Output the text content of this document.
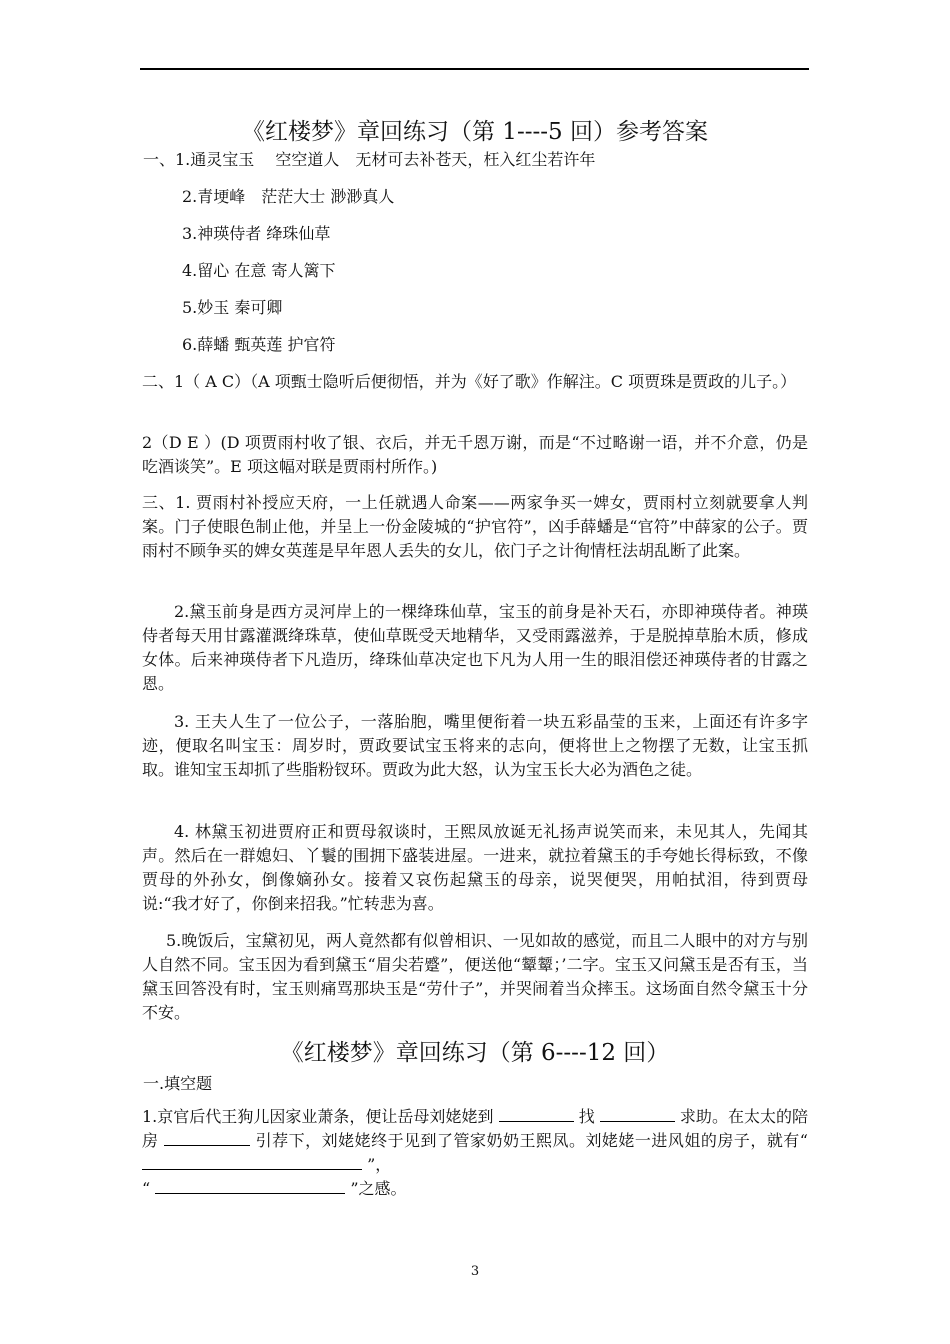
《红楼梦》章回练习（第 1----5 回）参考答案
一、1.通灵宝玉　 空空道人　无材可去补苍天，枉入红尘若许年
2.青埂峰　茫茫大士 渺渺真人
3.神瑛侍者 绛珠仙草
4.留心 在意 寄人篱下
5.妙玉 秦可卿
6.薛蟠 甄英莲 护官符
二、1（ A C）（A 项甄士隐听后便彻悟，并为《好了歌》作解注。C 项贾珠是贾政的儿子。）
2（D E ）(D 项贾雨村收了银、衣后，并无千恩万谢，而是“不过略谢一语，并不介意，仍是吃酒谈笑”。E 项这幅对联是贾雨村所作。)
三、1. 贾雨村补授应天府，一上任就遇人命案——两家争买一婢女，贾雨村立刻就要拿人判案。门子使眼色制止他，并呈上一份金陵城的“护官符”，凶手薛蟠是“官符”中薛家的公子。贾雨村不顾争买的婢女英莲是早年恩人丢失的女儿，依门子之计徇情枉法胡乱断了此案。
2.黛玉前身是西方灵河岸上的一棵绛珠仙草，宝玉的前身是补天石，亦即神瑛侍者。神瑛侍者每天用甘露灌溉绛珠草，使仙草既受天地精华，又受雨露滋养，于是脱掉草胎木质，修成女体。后来神瑛侍者下凡造历，绛珠仙草决定也下凡为人用一生的眼泪偿还神瑛侍者的甘露之恩。
3. 王夫人生了一位公子，一落胎胞，嘴里便衔着一块五彩晶莹的玉来，上面还有许多字迹，便取名叫宝玉：周岁时，贾政要试宝玉将来的志向，便将世上之物摆了无数，让宝玉抓取。谁知宝玉却抓了些脂粉钗环。贾政为此大怒，认为宝玉长大必为酒色之徒。
4. 林黛玉初进贾府正和贾母叙谈时，王熙凤放诞无礼扬声说笑而来，未见其人，先闻其声。然后在一群媳妇、丫鬟的围拥下盛装进屋。一进来，就拉着黛玉的手夸她长得标致，不像贾母的外孙女，倒像嫡孙女。接着又哀伤起黛玉的母亲，说哭便哭，用帕拭泪，待到贾母说:“我才好了，你倒来招我。”忙转悲为喜。
5.晚饭后，宝黛初见，两人竟然都有似曾相识、一见如故的感觉，而且二人眼中的对方与别人自然不同。宝玉因为看到黛玉“眉尖若蹙”，便送他“颦颦；’二字。宝玉又问黛玉是否有玉，当黛玉回答没有时，宝玉则痛骂那块玉是“劳什子”，并哭闹着当众摔玉。这场面自然令黛玉十分不安。
《红楼梦》章回练习（第 6----12 回）
一.填空题
1.京官后代王狗儿因家业萧条，便让岳母刘姥姥到	找	求助。在太太的陪房	引荐下，刘姥姥终于见到了管家奶奶王熙凤。刘姥姥一进风姐的房子，就有“  ”，
“	”之感。
3
